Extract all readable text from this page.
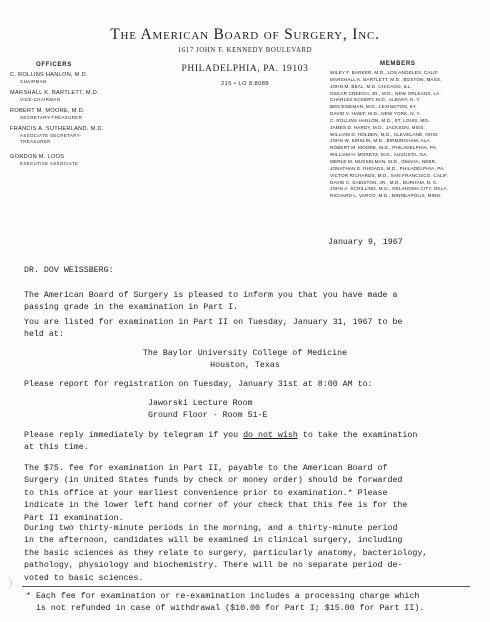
The American Board of Surgery, Inc.
1617 JOHN F. KENNEDY BOULEVARD
PHILADELPHIA, PA. 19103
215 • LO 8.8088
OFFICERS
C. ROLLINS HANLON, M.D.
CHAIRMAN
MARSHALL K. BARTLETT, M.D.
VICE-CHAIRMAN
ROBERT M. MOORE, M.D.
SECRETARY-TREASURER
FRANCIS A. SUTHERLAND, M.D.
ASSOCIATE SECRETARY-TREASURER
GORDON M. LOOS
EXECUTIVE ASSOCIATE
MEMBERS
WILEY F. BARKER, M.D., LOS ANGELES, CALIF.
MARSHALL K. BARTLETT, M.D., BOSTON, MASS.
JOHN M. BEAL, M.D. CHICAGO, ILL.
OSCAR CREECH, JR., M.D., NEW ORLEANS, LA.
CHARLES ECKERT, M.D., ALBANY, N. Y.
BEN EISEMAN, M.D., LEXINGTON, KY.
DAVID V. HABIF, M.D., NEW YORK, N. Y.
C. ROLLINS HANLON, M.D., ST. LOUIS, MO.
JAMES D. HARDY, M.D., JACKSON, MISS.
WILLIAM D. HOLDEN, M.D., CLEVELAND, OHIO
JOHN W. KIRKLIN, M.D., BIRMINGHAM, ALA.
ROBERT M. MOORE, M.D., PHILADELPHIA, PA.
WILLIAM H. MORETZ, M.D., AUGUSTA, GA.
MERLE M. MUSSELMAN, M.D., OMAHA, NEBR.
JONATHAN E. RHOADS, M.D., PHILADELPHIA, PA.
VICTOR RICHARDS, M.D., SAN FRANCISCO, CALIF.
DAVID C. SABISTON, JR., M.D., DURHAM, N. C.
JOHN A. SCHILLING, M.D., OKLAHOMA CITY, OKLA.
RICHARD L. VARCO, M.D., MINNEAPOLIS, MINN.
January 9, 1967
DR. DOV WEISSBERG:
The American Board of Surgery is pleased to inform you that you have made a
passing grade in the examination in Part I.
You are listed for examination in Part II on Tuesday, January 31, 1967 to be
held at:
The Baylor University College of Medicine
Houston, Texas
Please report for registration on Tuesday, January 31st at 8:00 AM to:
Jaworski Lecture Room
Ground Floor - Room 51-E
Please reply immediately by telegram if you do not wish to take the examination
at this time.
The $75. fee for examination in Part II, payable to the American Board of
Surgery (in United States funds by check or money order) should be forwarded
to this office at your earliest convenience prior to examination.* Please
indicate in the lower left hand corner of your check that this fee is for the
Part II examination.
During two thirty-minute periods in the morning, and a thirty-minute period
in the afternoon, candidates will be examined in clinical surgery, including
the basic sciences as they relate to surgery, particularly anatomy, bacteriology,
pathology, physiology and biochemistry. There will be no separate period de-
voted to basic sciences.
* Each fee for examination or re-examination includes a processing charge which
is not refunded in case of withdrawal ($10.00 for Part I; $15.00 for Part II).
